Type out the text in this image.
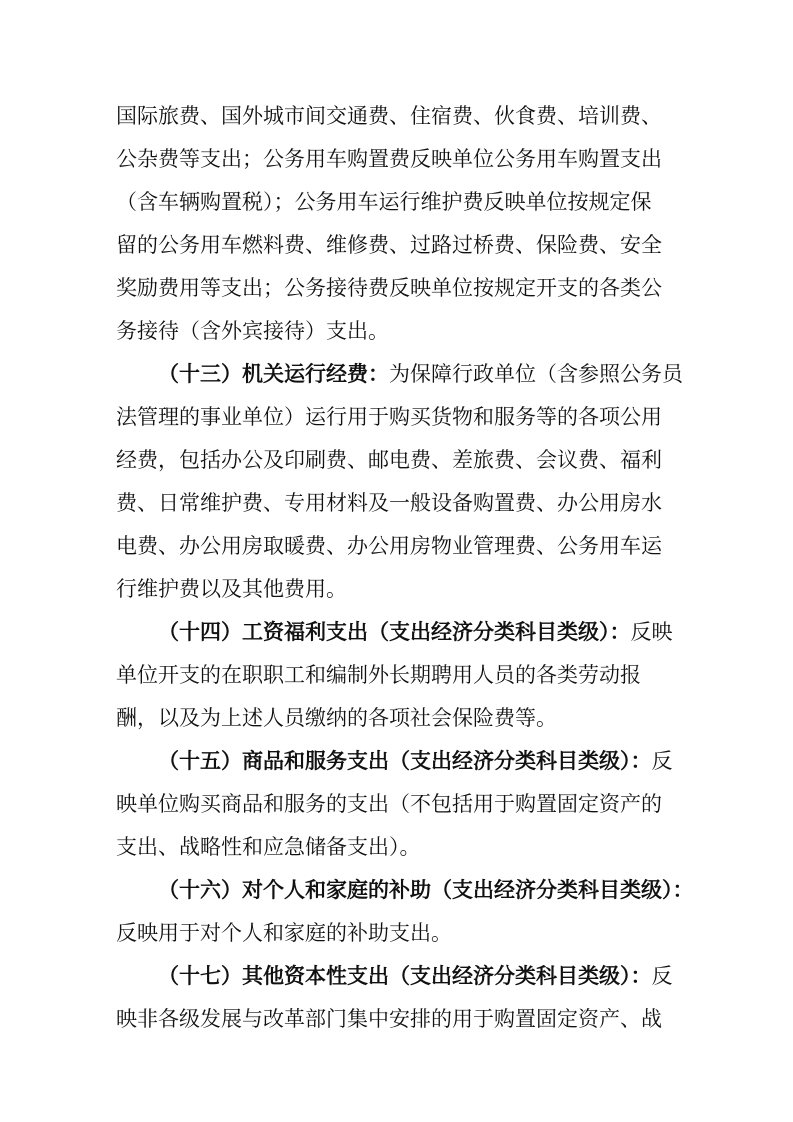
国际旅费、国外城市间交通费、住宿费、伙食费、培训费、
公杂费等支出；公务用车购置费反映单位公务用车购置支出
（含车辆购置税）；公务用车运行维护费反映单位按规定保
留的公务用车燃料费、维修费、过路过桥费、保险费、安全
奖励费用等支出；公务接待费反映单位按规定开支的各类公
务接待（含外宾接待）支出。
（十三）机关运行经费：为保障行政单位（含参照公务员
法管理的事业单位）运行用于购买货物和服务等的各项公用
经费，包括办公及印刷费、邮电费、差旅费、会议费、福利
费、日常维护费、专用材料及一般设备购置费、办公用房水
电费、办公用房取暖费、办公用房物业管理费、公务用车运
行维护费以及其他费用。
（十四）工资福利支出（支出经济分类科目类级）：反映
单位开支的在职职工和编制外长期聘用人员的各类劳动报
酬，以及为上述人员缴纳的各项社会保险费等。
（十五）商品和服务支出（支出经济分类科目类级）：反
映单位购买商品和服务的支出（不包括用于购置固定资产的
支出、战略性和应急储备支出）。
（十六）对个人和家庭的补助（支出经济分类科目类级）：
反映用于对个人和家庭的补助支出。
（十七）其他资本性支出（支出经济分类科目类级）：反
映非各级发展与改革部门集中安排的用于购置固定资产、战
